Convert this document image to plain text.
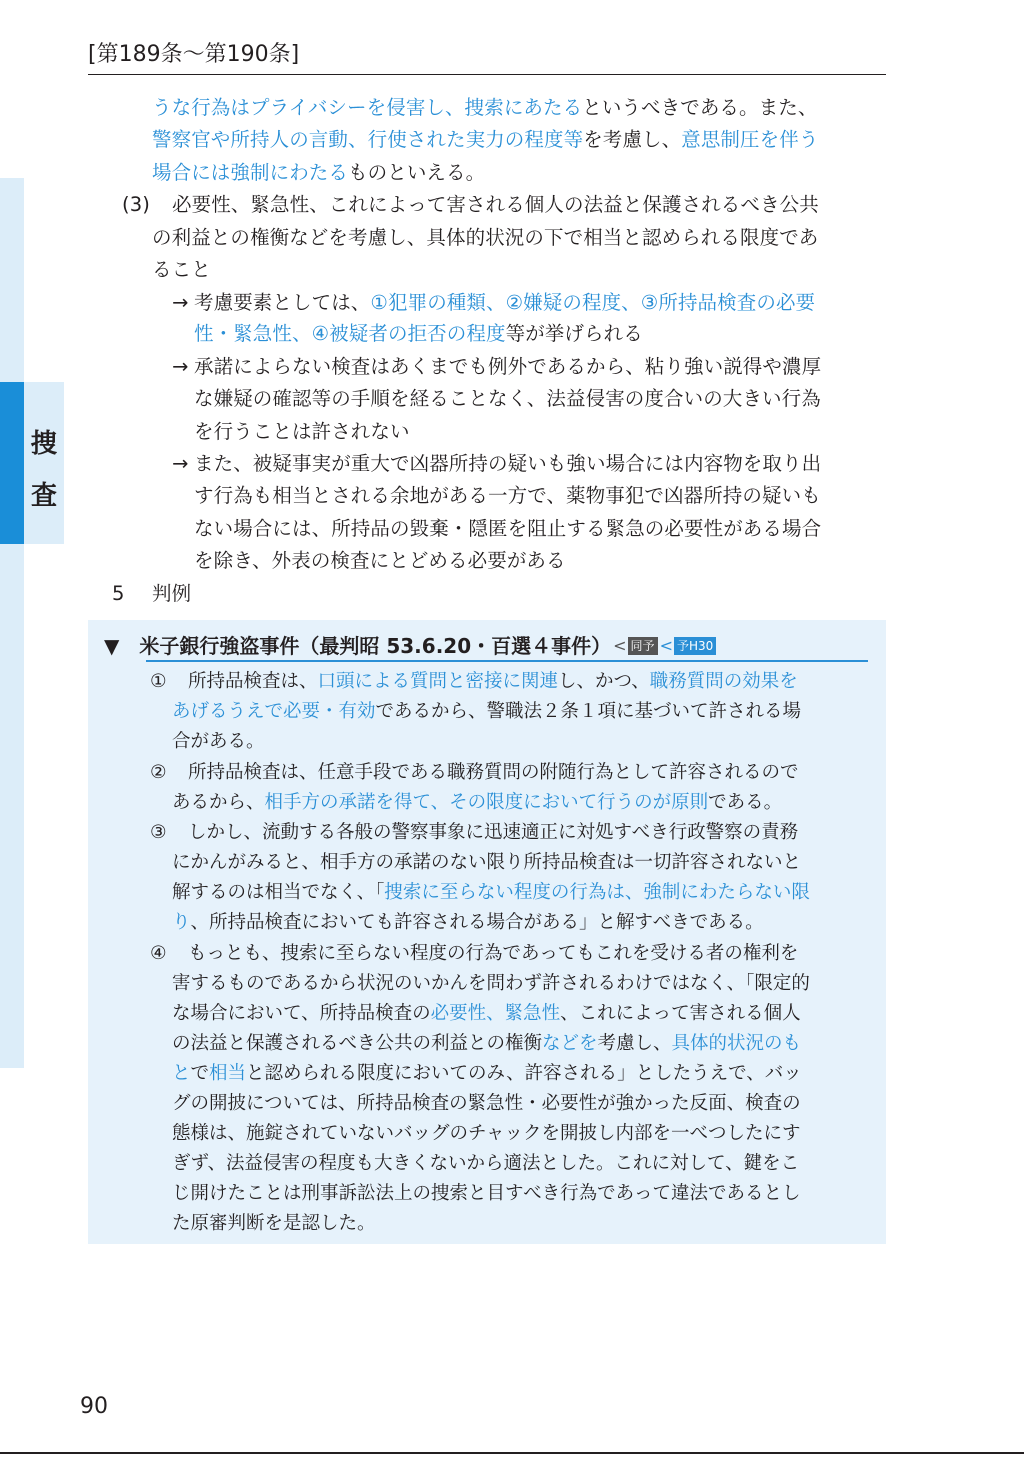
捜
査
[第189条〜第190条]
うな行為はプライバシーを侵害し、捜索にあたるというべきである。また、
警察官や所持人の言動、行使された実力の程度等を考慮し、意思制圧を伴う
場合には強制にわたるものといえる。
(3) 必要性、緊急性、これによって害される個人の法益と保護されるべき公共
の利益との権衡などを考慮し、具体的状況の下で相当と認められる限度であ
ること
→ 考慮要素としては、①犯罪の種類、②嫌疑の程度、③所持品検査の必要
性・緊急性、④被疑者の拒否の程度等が挙げられる
→ 承諾によらない検査はあくまでも例外であるから、粘り強い説得や濃厚
な嫌疑の確認等の手順を経ることなく、法益侵害の度合いの大きい行為
を行うことは許されない
→ また、被疑事実が重大で凶器所持の疑いも強い場合には内容物を取り出
す行為も相当とされる余地がある一方で、薬物事犯で凶器所持の疑いも
ない場合には、所持品の毀棄・隠匿を阻止する緊急の必要性がある場合
を除き、外表の検査にとどめる必要がある
5 判例
▼ 米子銀行強盗事件（最判昭 53.6.20・百選４事件） < 同予 < 予H30
① 所持品検査は、口頭による質問と密接に関連し、かつ、職務質問の効果を
あげるうえで必要・有効であるから、警職法２条１項に基づいて許される場
合がある。
② 所持品検査は、任意手段である職務質問の附随行為として許容されるので
あるから、相手方の承諾を得て、その限度において行うのが原則である。
③ しかし、流動する各般の警察事象に迅速適正に対処すべき行政警察の責務
にかんがみると、相手方の承諾のない限り所持品検査は一切許容されないと
解するのは相当でなく、「捜索に至らない程度の行為は、強制にわたらない限
り、所持品検査においても許容される場合がある」と解すべきである。
④ もっとも、捜索に至らない程度の行為であってもこれを受ける者の権利を
害するものであるから状況のいかんを問わず許されるわけではなく、「限定的
な場合において、所持品検査の必要性、緊急性、これによって害される個人
の法益と保護されるべき公共の利益との権衡などを考慮し、具体的状況のも
とで相当と認められる限度においてのみ、許容される」としたうえで、バッ
グの開披については、所持品検査の緊急性・必要性が強かった反面、検査の
態様は、施錠されていないバッグのチャックを開披し内部を一べつしたにす
ぎず、法益侵害の程度も大きくないから適法とした。これに対して、鍵をこ
じ開けたことは刑事訴訟法上の捜索と目すべき行為であって違法であるとし
た原審判断を是認した。
90
